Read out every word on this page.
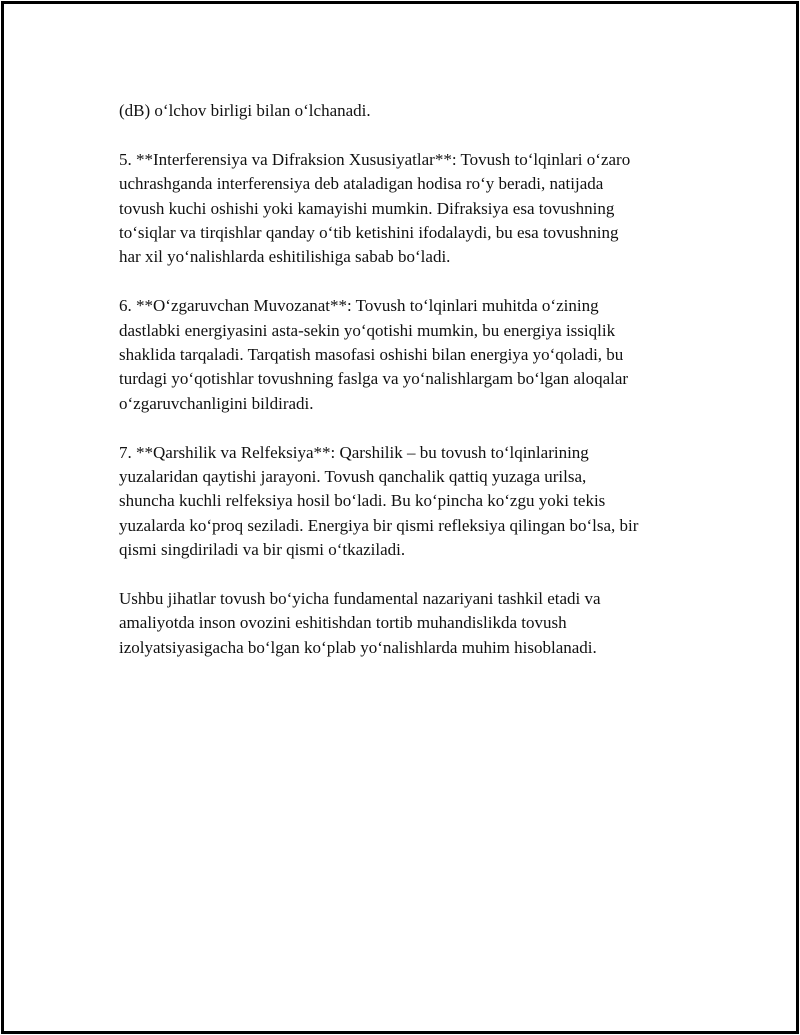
(dB) o‘lchov birligi bilan o‘lchanadi.

5. **Interferensiya va Difraksion Xususiyatlar**: Tovush to‘lqinlari o‘zaro
uchrashganda interferensiya deb ataladigan hodisa ro‘y beradi, natijada
tovush kuchi oshishi yoki kamayishi mumkin. Difraksiya esa tovushning
to‘siqlar va tirqishlar qanday o‘tib ketishini ifodalaydi, bu esa tovushning
har xil yo‘nalishlarda eshitilishiga sabab bo‘ladi.

6. **O‘zgaruvchan Muvozanat**: Tovush to‘lqinlari muhitda o‘zining
dastlabki energiyasini asta-sekin yo‘qotishi mumkin, bu energiya issiqlik
shaklida tarqaladi. Tarqatish masofasi oshishi bilan energiya yo‘qoladi, bu
turdagi yo‘qotishlar tovushning faslga va yo‘nalishlargam bo‘lgan aloqalar
o‘zgaruvchanligini bildiradi.

7. **Qarshilik va Relfeksiya**: Qarshilik – bu tovush to‘lqinlarining
yuzalaridan qaytishi jarayoni. Tovush qanchalik qattiq yuzaga urilsa,
shuncha kuchli relfeksiya hosil bo‘ladi. Bu ko‘pincha ko‘zgu yoki tekis
yuzalarda ko‘proq seziladi. Energiya bir qismi refleksiya qilingan bo‘lsa, bir
qismi singdiriladi va bir qismi o‘tkaziladi.

Ushbu jihatlar tovush bo‘yicha fundamental nazariyani tashkil etadi va
amaliyotda inson ovozini eshitishdan tortib muhandislikda tovush
izolyatsiyasigacha bo‘lgan ko‘plab yo‘nalishlarda muhim hisoblanadi.
